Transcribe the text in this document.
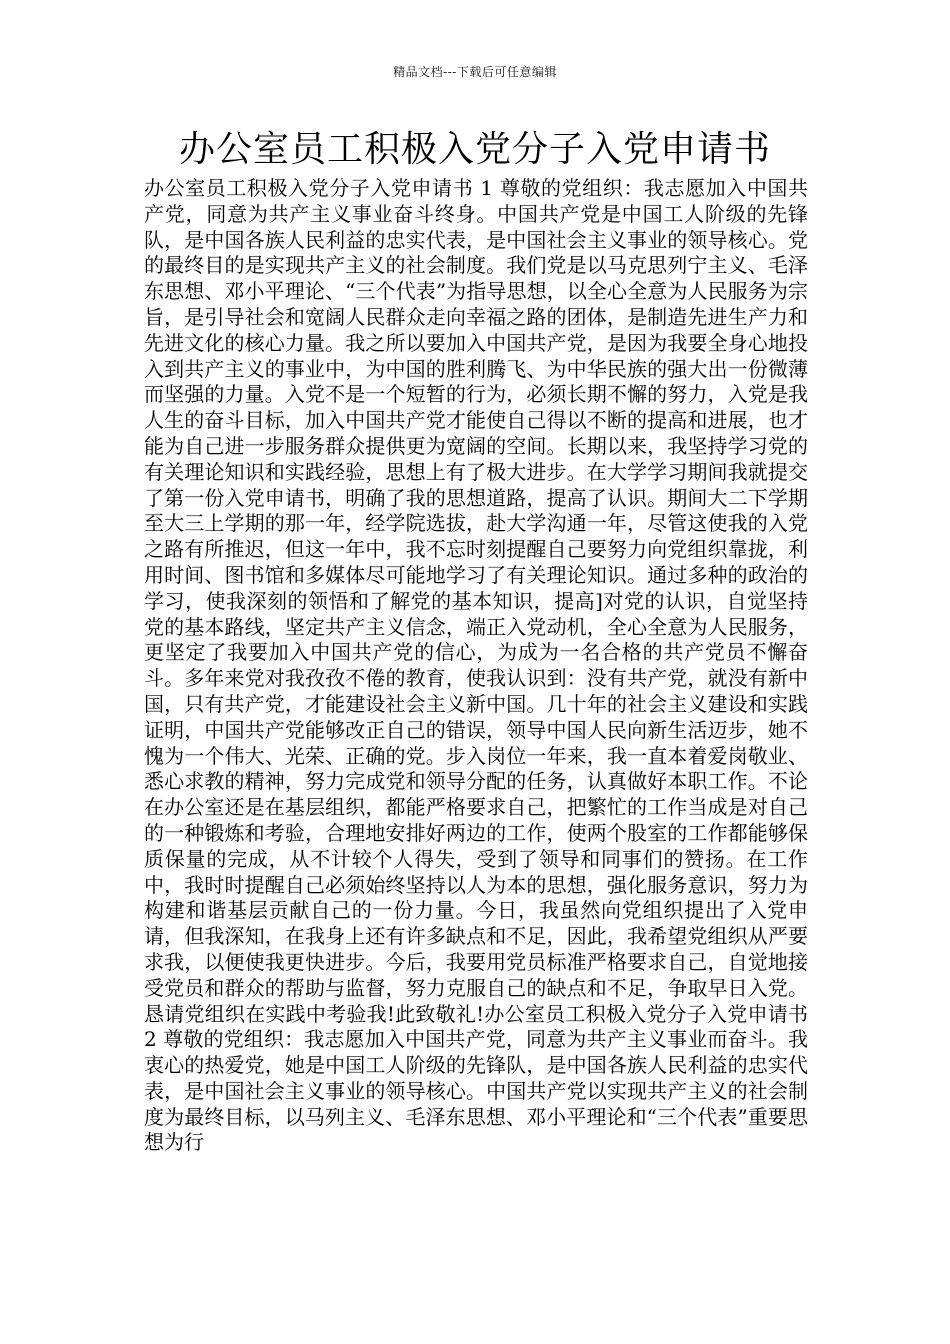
精品文档---下载后可任意编辑
办公室员工积极入党分子入党申请书

办公室员工积极入党分子入党申请书 1 尊敬的党组织：我志愿加入中国共产党，同意为共产主义事业奋斗终身。中国共产党是中国工人阶级的先锋队，是中国各族人民利益的忠实代表，是中国社会主义事业的领导核心。党的最终目的是实现共产主义的社会制度。我们党是以马克思列宁主义、毛泽东思想、邓小平理论、“三个代表”为指导思想，以全心全意为人民服务为宗旨，是引导社会和宽阔人民群众走向幸福之路的团体，是制造先进生产力和先进文化的核心力量。我之所以要加入中国共产党，是因为我要全身心地投入到共产主义的事业中，为中国的胜利腾飞、为中华民族的强大出一份微薄而坚强的力量。入党不是一个短暂的行为，必须长期不懈的努力，入党是我人生的奋斗目标，加入中国共产党才能使自己得以不断的提高和进展，也才能为自己进一步服务群众提供更为宽阔的空间。长期以来，我坚持学习党的有关理论知识和实践经验，思想上有了极大进步。在大学学习期间我就提交了第一份入党申请书，明确了我的思想道路，提高了认识。期间大二下学期至大三上学期的那一年，经学院选拔，赴大学沟通一年，尽管这使我的入党之路有所推迟，但这一年中，我不忘时刻提醒自己要努力向党组织靠拢，利用时间、图书馆和多媒体尽可能地学习了有关理论知识。通过多种的政治的学习，使我深刻的领悟和了解党的基本知识，提高]对党的认识，自觉坚持党的基本路线，坚定共产主义信念，端正入党动机，全心全意为人民服务，更坚定了我要加入中国共产党的信心，为成为一名合格的共产党员不懈奋斗。多年来党对我孜孜不倦的教育，使我认识到：没有共产党，就没有新中国，只有共产党，才能建设社会主义新中国。几十年的社会主义建设和实践证明，中国共产党能够改正自己的错误，领导中国人民向新生活迈步，她不愧为一个伟大、光荣、正确的党。步入岗位一年来，我一直本着爱岗敬业、悉心求教的精神，努力完成党和领导分配的任务，认真做好本职工作。不论在办公室还是在基层组织，都能严格要求自己，把繁忙的工作当成是对自己的一种锻炼和考验，合理地安排好两边的工作，使两个股室的工作都能够保质保量的完成，从不计较个人得失，受到了领导和同事们的赞扬。在工作中，我时时提醒自己必须始终坚持以人为本的思想，强化服务意识，努力为构建和谐基层贡献自己的一份力量。今日，我虽然向党组织提出了入党申请，但我深知，在我身上还有许多缺点和不足，因此，我希望党组织从严要求我，以便使我更快进步。今后，我要用党员标准严格要求自己，自觉地接受党员和群众的帮助与监督，努力克服自己的缺点和不足，争取早日入党。恳请党组织在实践中考验我!此致敬礼!办公室员工积极入党分子入党申请书 2 尊敬的党组织：我志愿加入中国共产党，同意为共产主义事业而奋斗。我衷心的热爱党，她是中国工人阶级的先锋队，是中国各族人民利益的忠实代表，是中国社会主义事业的领导核心。中国共产党以实现共产主义的社会制度为最终目标，以马列主义、毛泽东思想、邓小平理论和“三个代表”重要思想为行
